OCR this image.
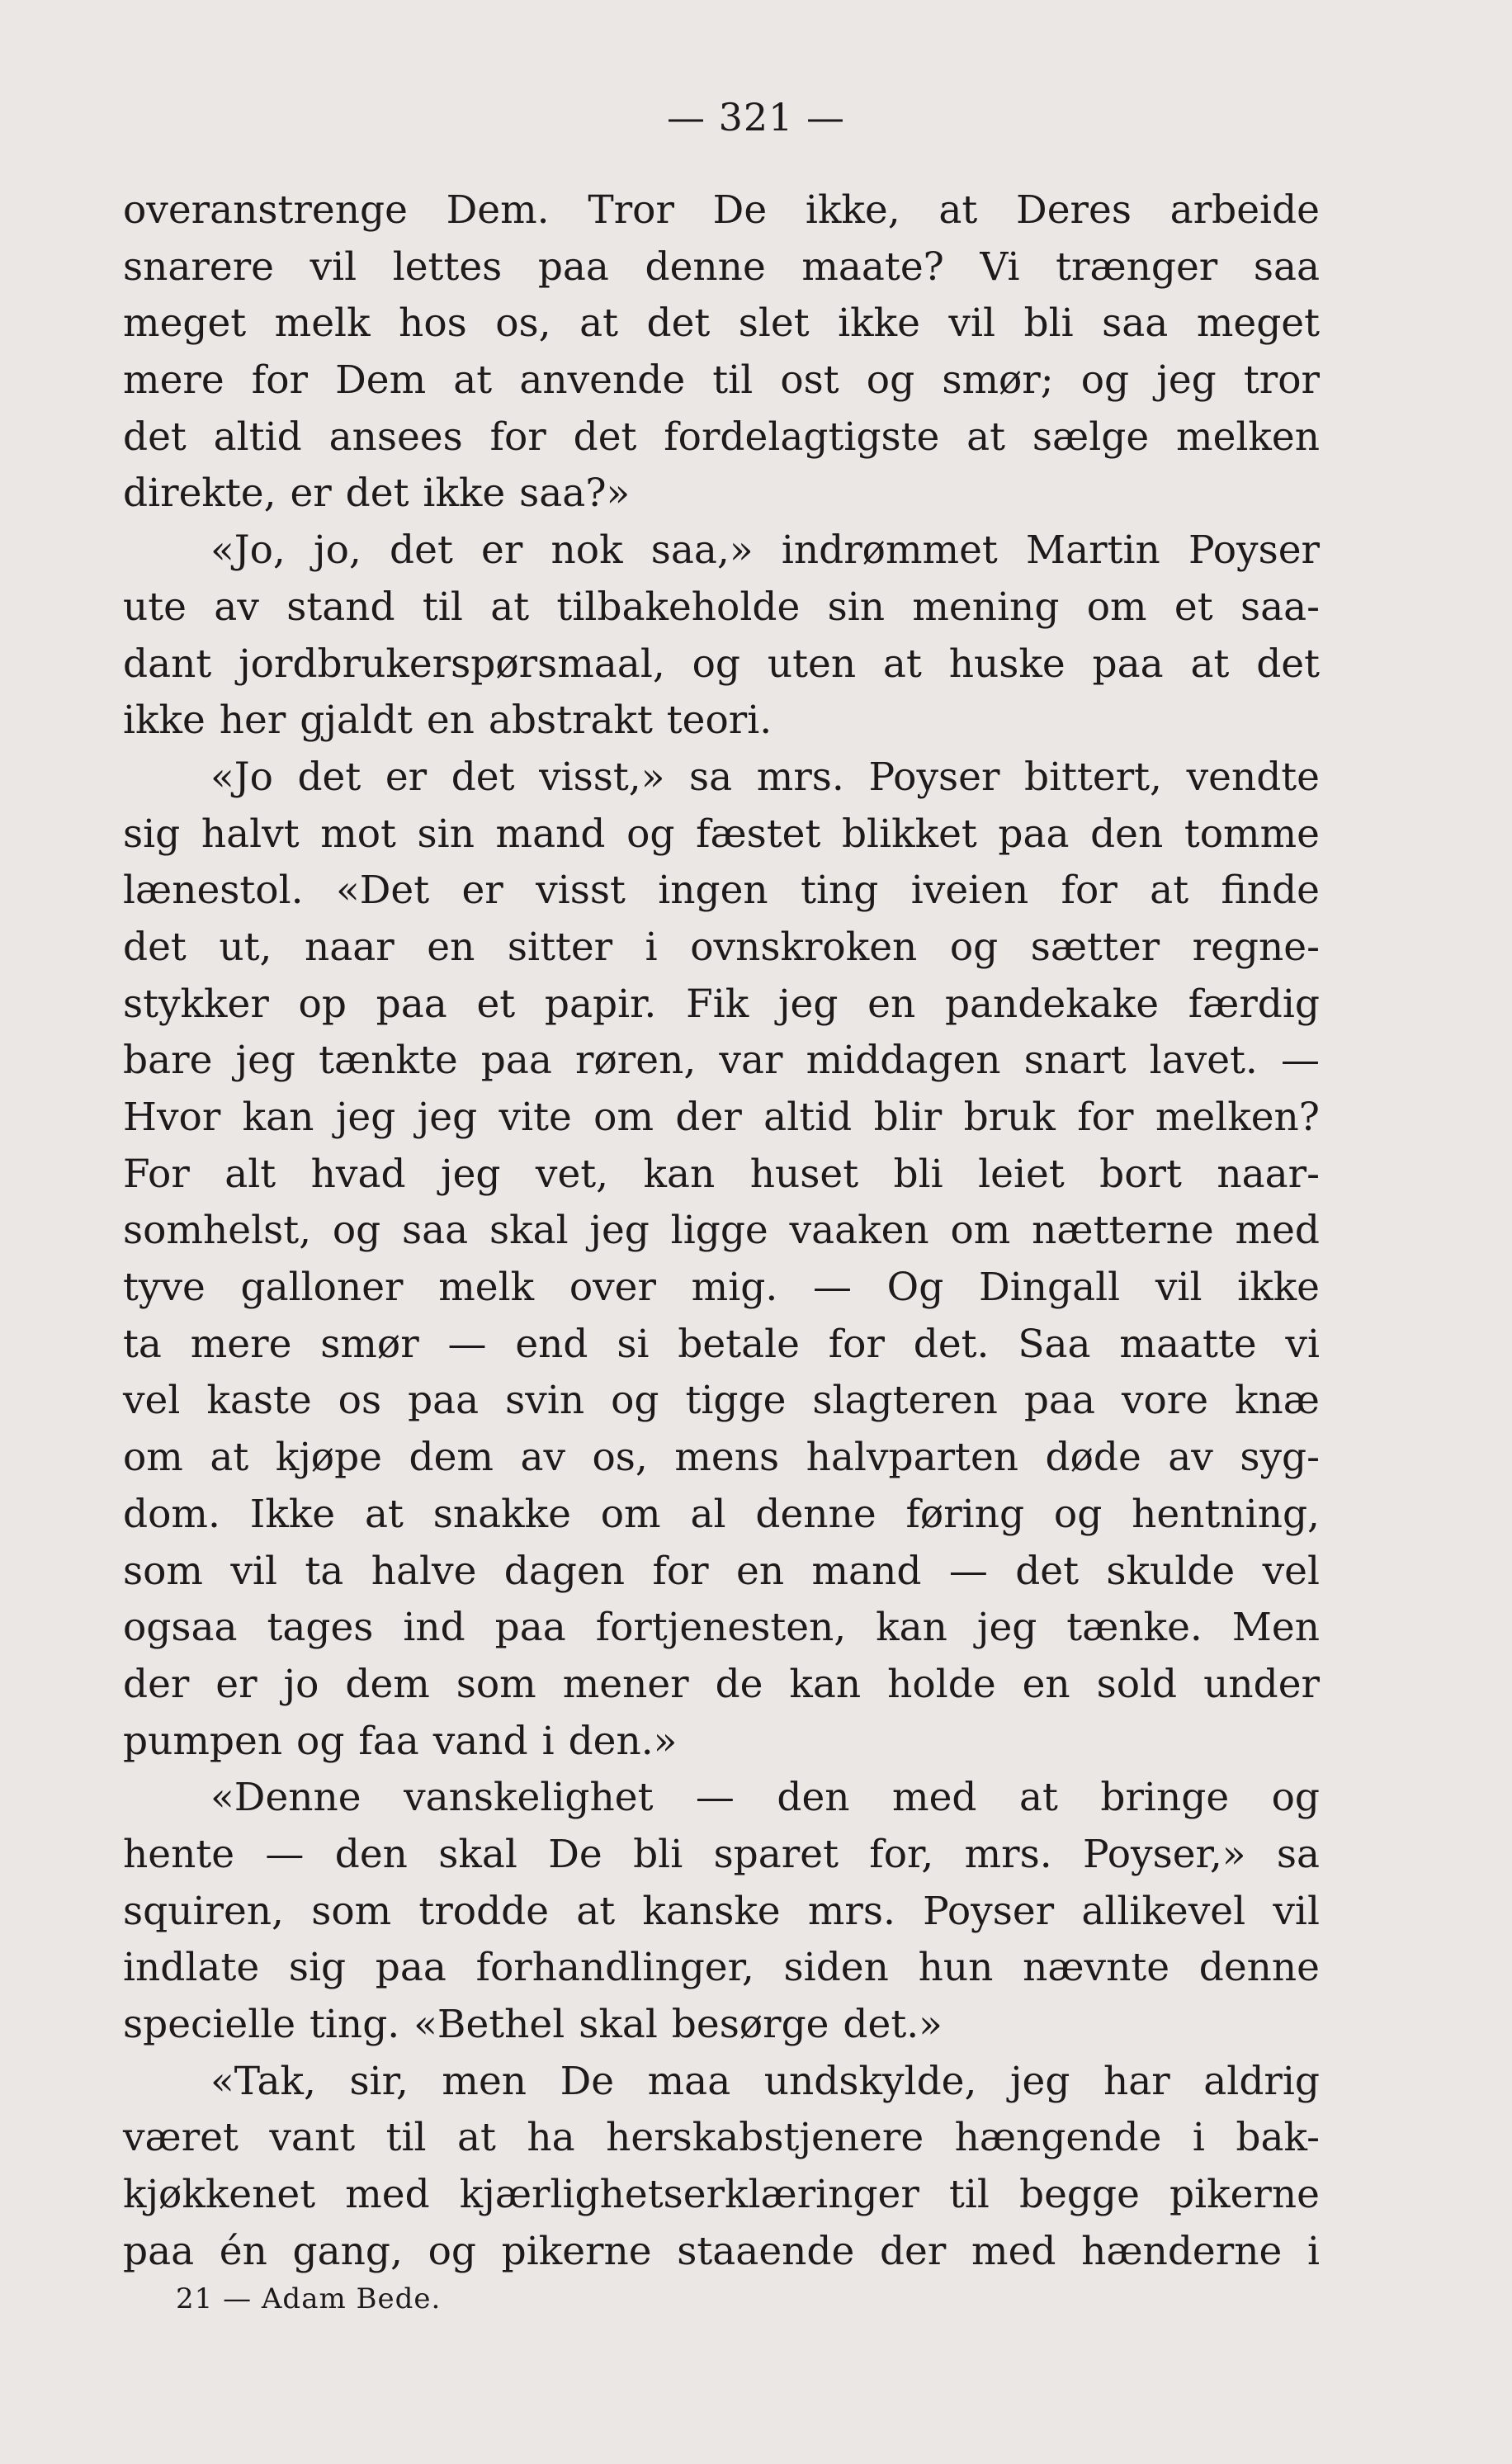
— 321 —
overanstrenge Dem. Tror De ikke, at Deres arbeide
snarere vil lettes paa denne maate? Vi trænger saa
meget melk hos os, at det slet ikke vil bli saa meget
mere for Dem at anvende til ost og smør; og jeg tror
det altid ansees for det fordelagtigste at sælge melken
direkte, er det ikke saa?»
«Jo, jo, det er nok saa,» indrømmet Martin Poyser
ute av stand til at tilbakeholde sin mening om et saa-
dant jordbrukerspørsmaal, og uten at huske paa at det
ikke her gjaldt en abstrakt teori.
«Jo det er det visst,» sa mrs. Poyser bittert, vendte
sig halvt mot sin mand og fæstet blikket paa den tomme
lænestol. «Det er visst ingen ting iveien for at finde
det ut, naar en sitter i ovnskroken og sætter regne-
stykker op paa et papir. Fik jeg en pandekake færdig
bare jeg tænkte paa røren, var middagen snart lavet. —
Hvor kan jeg jeg vite om der altid blir bruk for melken?
For alt hvad jeg vet, kan huset bli leiet bort naar-
somhelst, og saa skal jeg ligge vaaken om nætterne med
tyve galloner melk over mig. — Og Dingall vil ikke
ta mere smør — end si betale for det. Saa maatte vi
vel kaste os paa svin og tigge slagteren paa vore knæ
om at kjøpe dem av os, mens halvparten døde av syg-
dom. Ikke at snakke om al denne føring og hentning,
som vil ta halve dagen for en mand — det skulde vel
ogsaa tages ind paa fortjenesten, kan jeg tænke. Men
der er jo dem som mener de kan holde en sold under
pumpen og faa vand i den.»
«Denne vanskelighet — den med at bringe og
hente — den skal De bli sparet for, mrs. Poyser,» sa
squiren, som trodde at kanske mrs. Poyser allikevel vil
indlate sig paa forhandlinger, siden hun nævnte denne
specielle ting. «Bethel skal besørge det.»
«Tak, sir, men De maa undskylde, jeg har aldrig
været vant til at ha herskabstjenere hængende i bak-
kjøkkenet med kjærlighetserklæringer til begge pikerne
paa én gang, og pikerne staaende der med hænderne i
21 — Adam Bede.
